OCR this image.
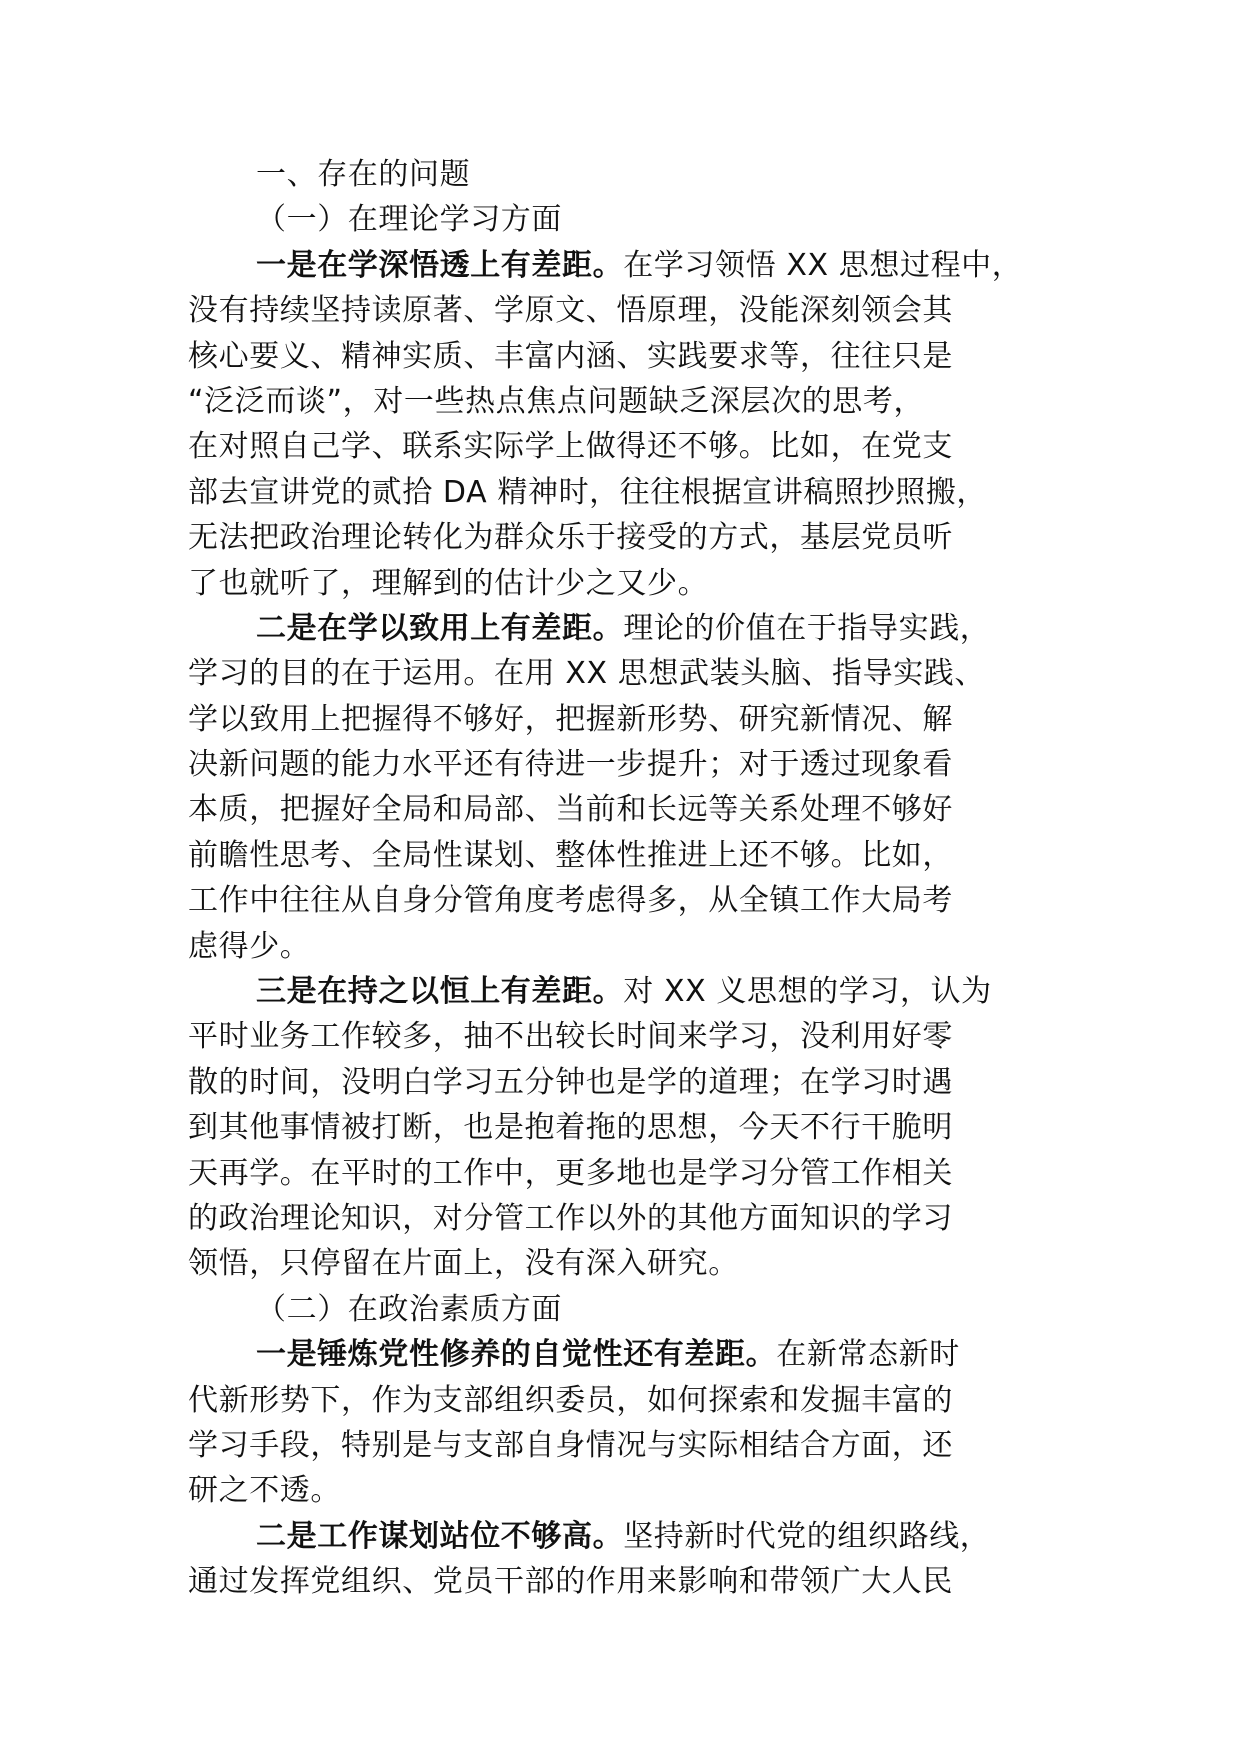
一、存在的问题
（一）在理论学习方面
一是在学深悟透上有差距。在学习领悟 XX 思想过程中，
没有持续坚持读原著、学原文、悟原理，没能深刻领会其
核心要义、精神实质、丰富内涵、实践要求等，往往只是
“泛泛而谈”，对一些热点焦点问题缺乏深层次的思考，
在对照自己学、联系实际学上做得还不够。比如，在党支
部去宣讲党的贰拾 DA 精神时，往往根据宣讲稿照抄照搬，
无法把政治理论转化为群众乐于接受的方式，基层党员听
了也就听了，理解到的估计少之又少。
二是在学以致用上有差距。理论的价值在于指导实践，
学习的目的在于运用。在用 XX 思想武装头脑、指导实践、
学以致用上把握得不够好，把握新形势、研究新情况、解
决新问题的能力水平还有待进一步提升；对于透过现象看
本质，把握好全局和局部、当前和长远等关系处理不够好
前瞻性思考、全局性谋划、整体性推进上还不够。比如，
工作中往往从自身分管角度考虑得多，从全镇工作大局考
虑得少。
三是在持之以恒上有差距。对 XX 义思想的学习，认为
平时业务工作较多，抽不出较长时间来学习，没利用好零
散的时间，没明白学习五分钟也是学的道理；在学习时遇
到其他事情被打断，也是抱着拖的思想，今天不行干脆明
天再学。在平时的工作中，更多地也是学习分管工作相关
的政治理论知识，对分管工作以外的其他方面知识的学习
领悟，只停留在片面上，没有深入研究。
（二）在政治素质方面
一是锤炼党性修养的自觉性还有差距。在新常态新时
代新形势下，作为支部组织委员，如何探索和发掘丰富的
学习手段，特别是与支部自身情况与实际相结合方面，还
研之不透。
二是工作谋划站位不够高。坚持新时代党的组织路线，
通过发挥党组织、党员干部的作用来影响和带领广大人民
